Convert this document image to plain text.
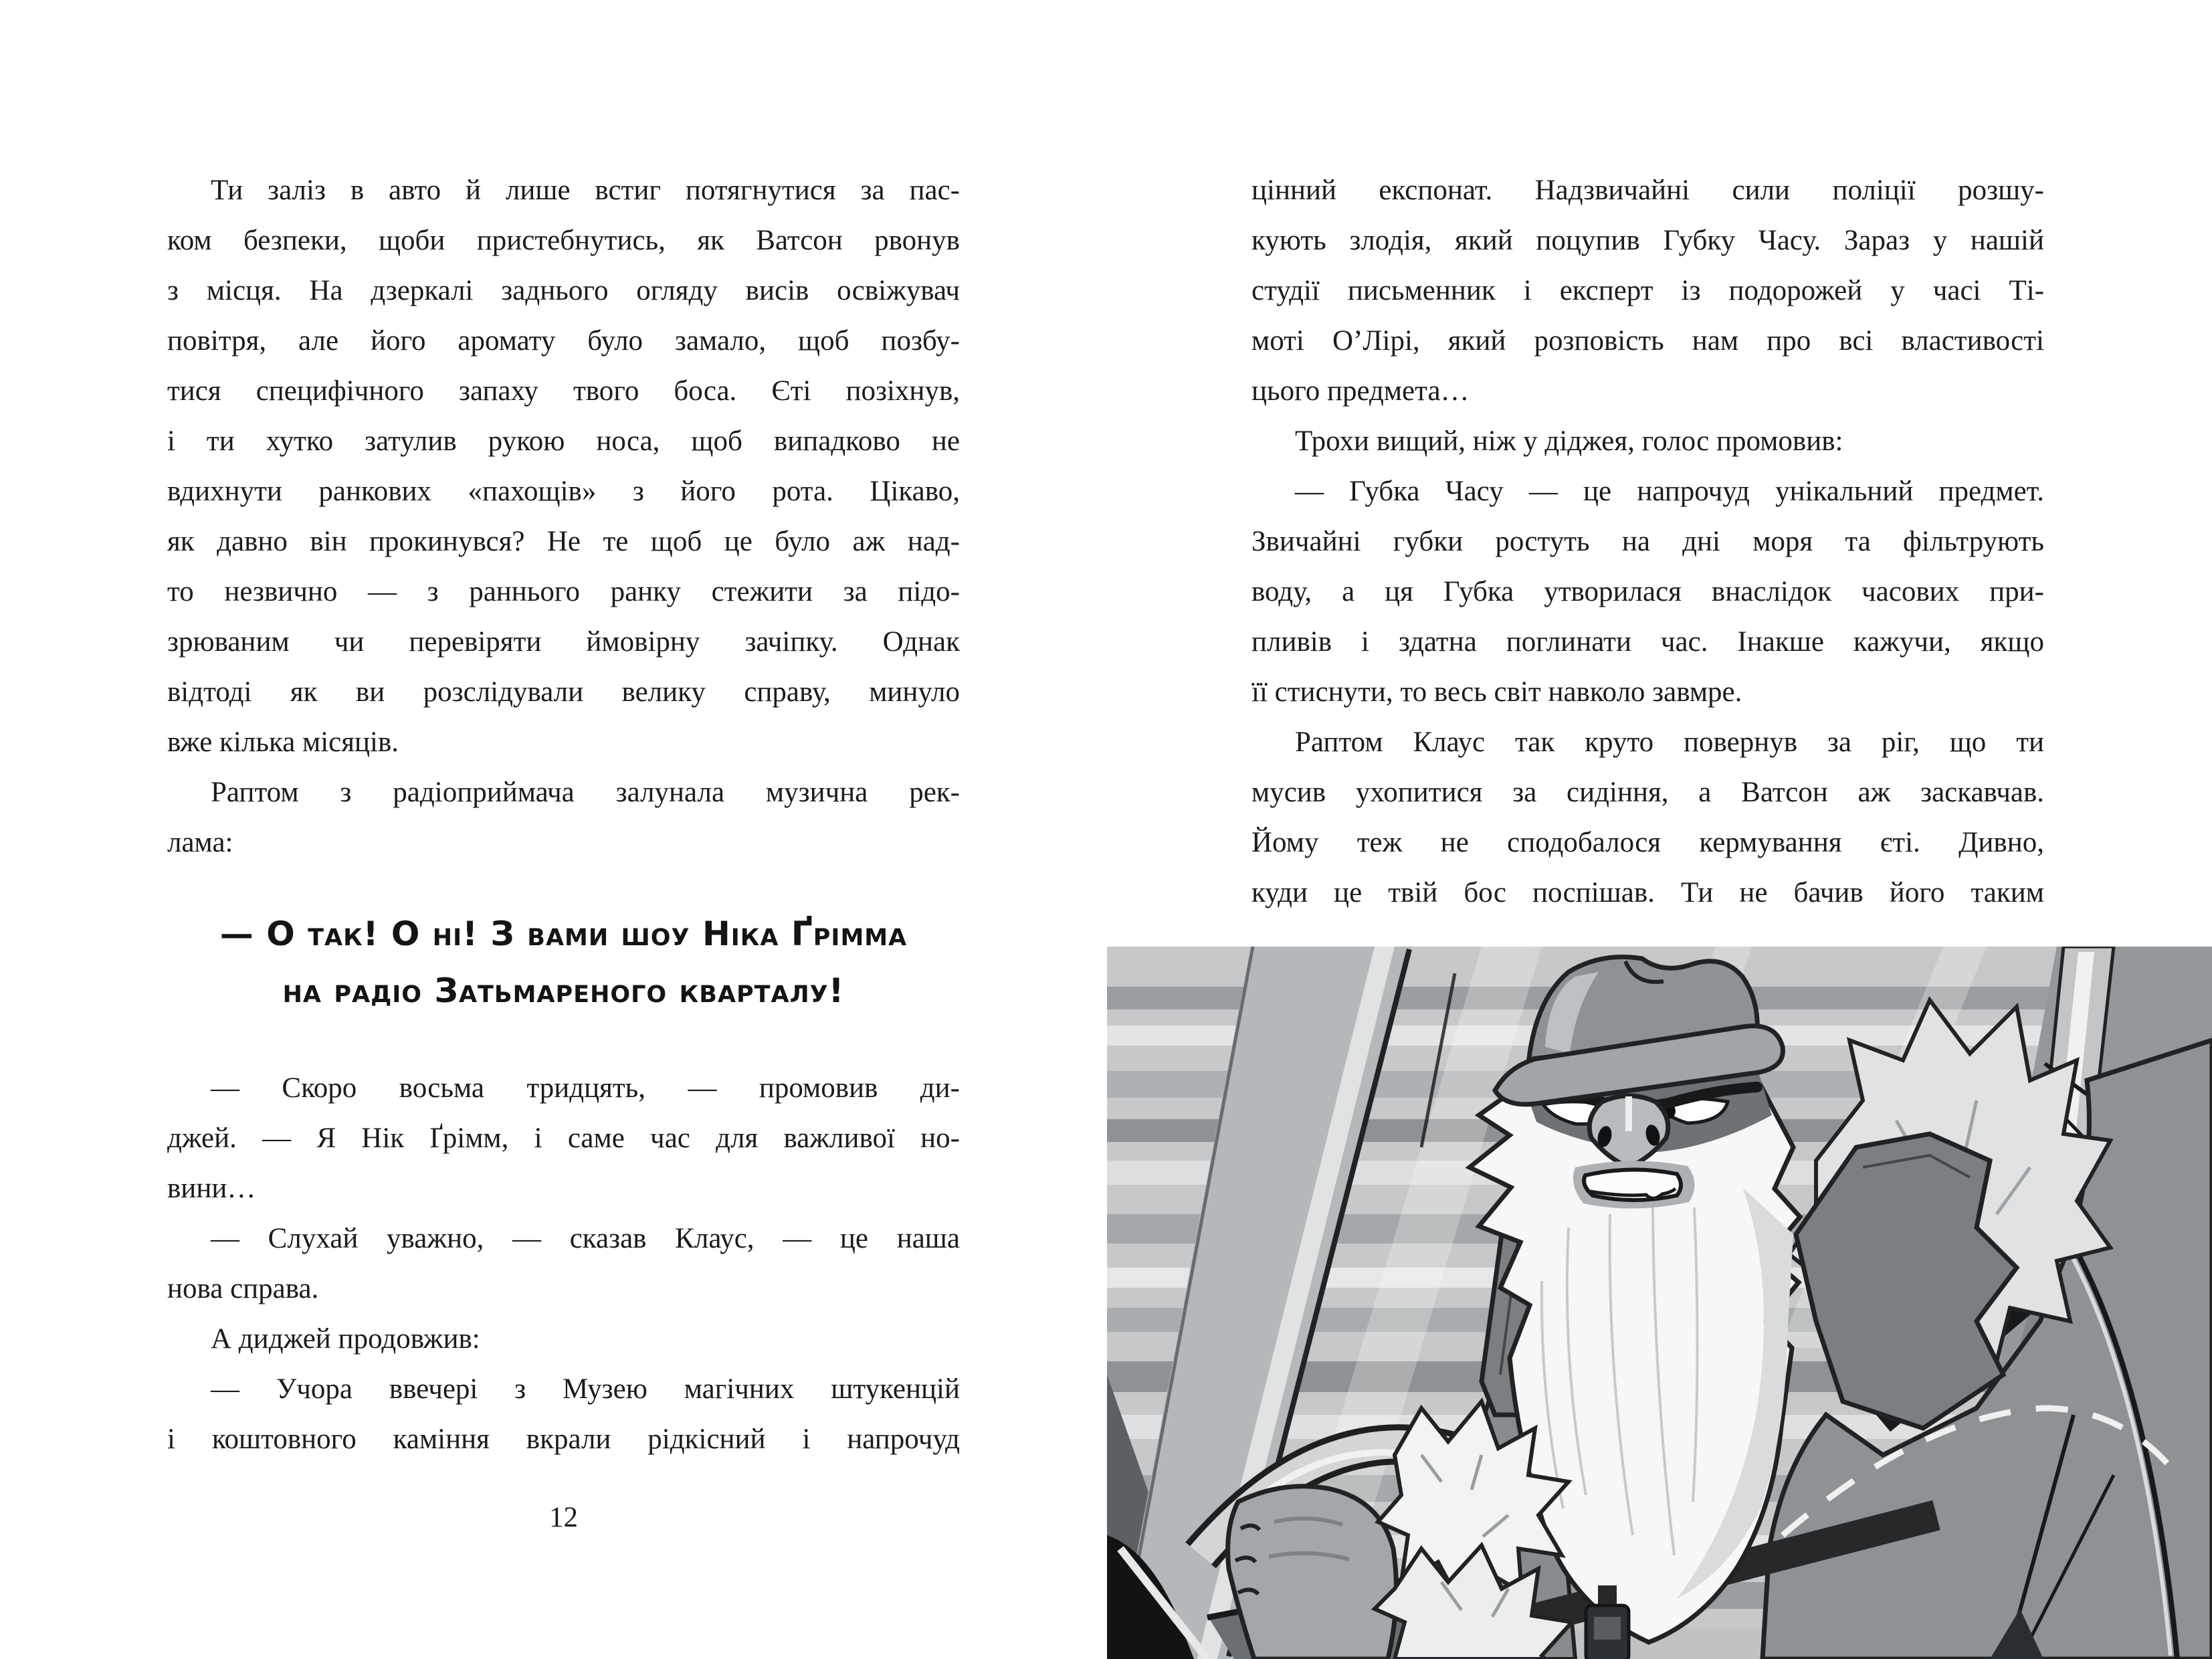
Ти заліз в авто й лише встиг потягнутися за пас-
ком безпеки, щоби пристебнутись, як Ватсон рвонув
з місця. На дзеркалі заднього огляду висів освіжувач
повітря, але його аромату було замало, щоб позбу-
тися специфічного запаху твого боса. Єті позіхнув,
і ти хутко затулив рукою носа, щоб випадково не
вдихнути ранкових «пахощів» з його рота. Цікаво,
як давно він прокинувся? Не те щоб це було аж над-
то незвично — з раннього ранку стежити за підо-
зрюваним чи перевіряти ймовірну зачіпку. Однак
відтоді як ви розслідували велику справу, минуло
вже кілька місяців.
Раптом з радіоприймача залунала музична рек-
лама:
— О так! О ні! З вами шоу Ніка Ґрімма
на радіо Затьмареного кварталу!
— Скоро восьма тридцять, — промовив ди-
джей. — Я Нік Ґрімм, і саме час для важливої но-
вини…
— Слухай уважно, — сказав Клаус, — це наша
нова справа.
А диджей продовжив:
— Учора ввечері з Музею магічних штукенцій
і коштовного каміння вкрали рідкісний і напрочуд
12
цінний експонат. Надзвичайні сили поліції розшу-
кують злодія, який поцупив Губку Часу. Зараз у нашій
студії письменник і експерт із подорожей у часі Ті-
моті О’Лірі, який розповість нам про всі властивості
цього предмета…
Трохи вищий, ніж у діджея, голос промовив:
— Губка Часу — це напрочуд унікальний предмет.
Звичайні губки ростуть на дні моря та фільтрують
воду, а ця Губка утворилася внаслідок часових при-
пливів і здатна поглинати час. Інакше кажучи, якщо
її стиснути, то весь світ навколо завмре.
Раптом Клаус так круто повернув за ріг, що ти
мусив ухопитися за сидіння, а Ватсон аж заскавчав.
Йому теж не сподобалося кермування єті. Дивно,
куди це твій бос поспішав. Ти не бачив його таким
